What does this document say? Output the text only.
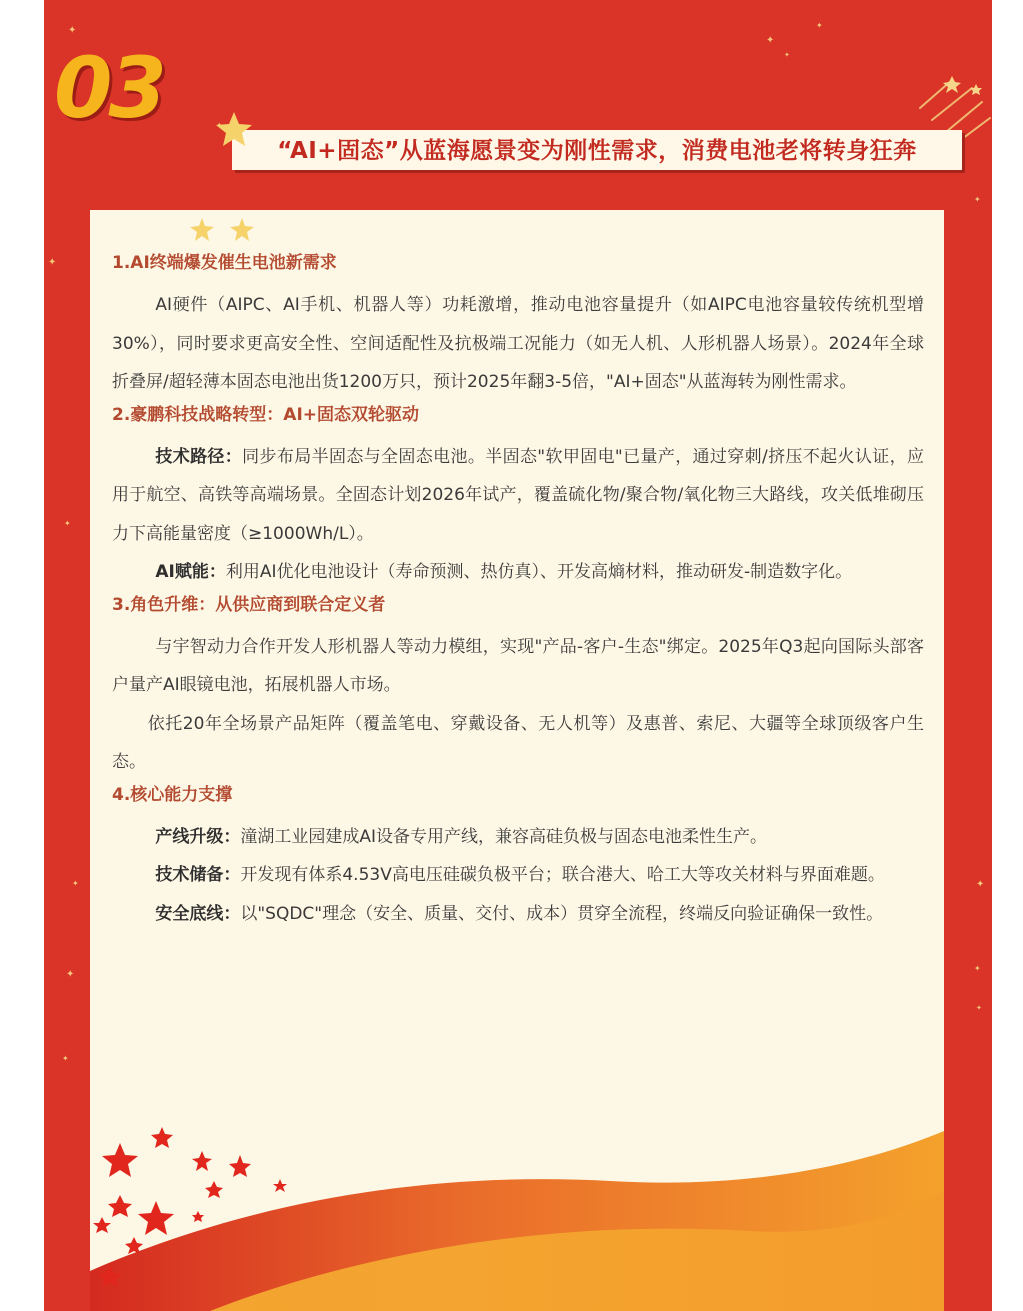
✦
✦
✦
✦
✦
✦
✦
✦
✦
✦
✦
✦
✦
03
“AI+固态”从蓝海愿景变为刚性需求，消费电池老将转身狂奔
1.AI终端爆发催生电池新需求

AI硬件（AIPC、AI手机、机器人等）功耗激增，推动电池容量提升（如AIPC电池容量较传统机型增30%），同时要求更高安全性、空间适配性及抗极端工况能力（如无人机、人形机器人场景）。2024年全球折叠屏/超轻薄本固态电池出货1200万只，预计2025年翻3-5倍，"AI+固态"从蓝海转为刚性需求。

2.豪鹏科技战略转型：AI+固态双轮驱动

技术路径：同步布局半固态与全固态电池。半固态"软甲固电"已量产，通过穿刺/挤压不起火认证，应用于航空、高铁等高端场景。全固态计划2026年试产，覆盖硫化物/聚合物/氧化物三大路线，攻关低堆砌压力下高能量密度（≥1000Wh/L）。

AI赋能：利用AI优化电池设计（寿命预测、热仿真）、开发高熵材料，推动研发-制造数字化。

3.角色升维：从供应商到联合定义者

与宇智动力合作开发人形机器人等动力模组，实现"产品-客户-生态"绑定。2025年Q3起向国际头部客户量产AI眼镜电池，拓展机器人市场。

依托20年全场景产品矩阵（覆盖笔电、穿戴设备、无人机等）及惠普、索尼、大疆等全球顶级客户生态。

4.核心能力支撑

产线升级：潼湖工业园建成AI设备专用产线，兼容高硅负极与固态电池柔性生产。

技术储备：开发现有体系4.53V高电压硅碳负极平台；联合港大、哈工大等攻关材料与界面难题。

安全底线：以"SQDC"理念（安全、质量、交付、成本）贯穿全流程，终端反向验证确保一致性。
